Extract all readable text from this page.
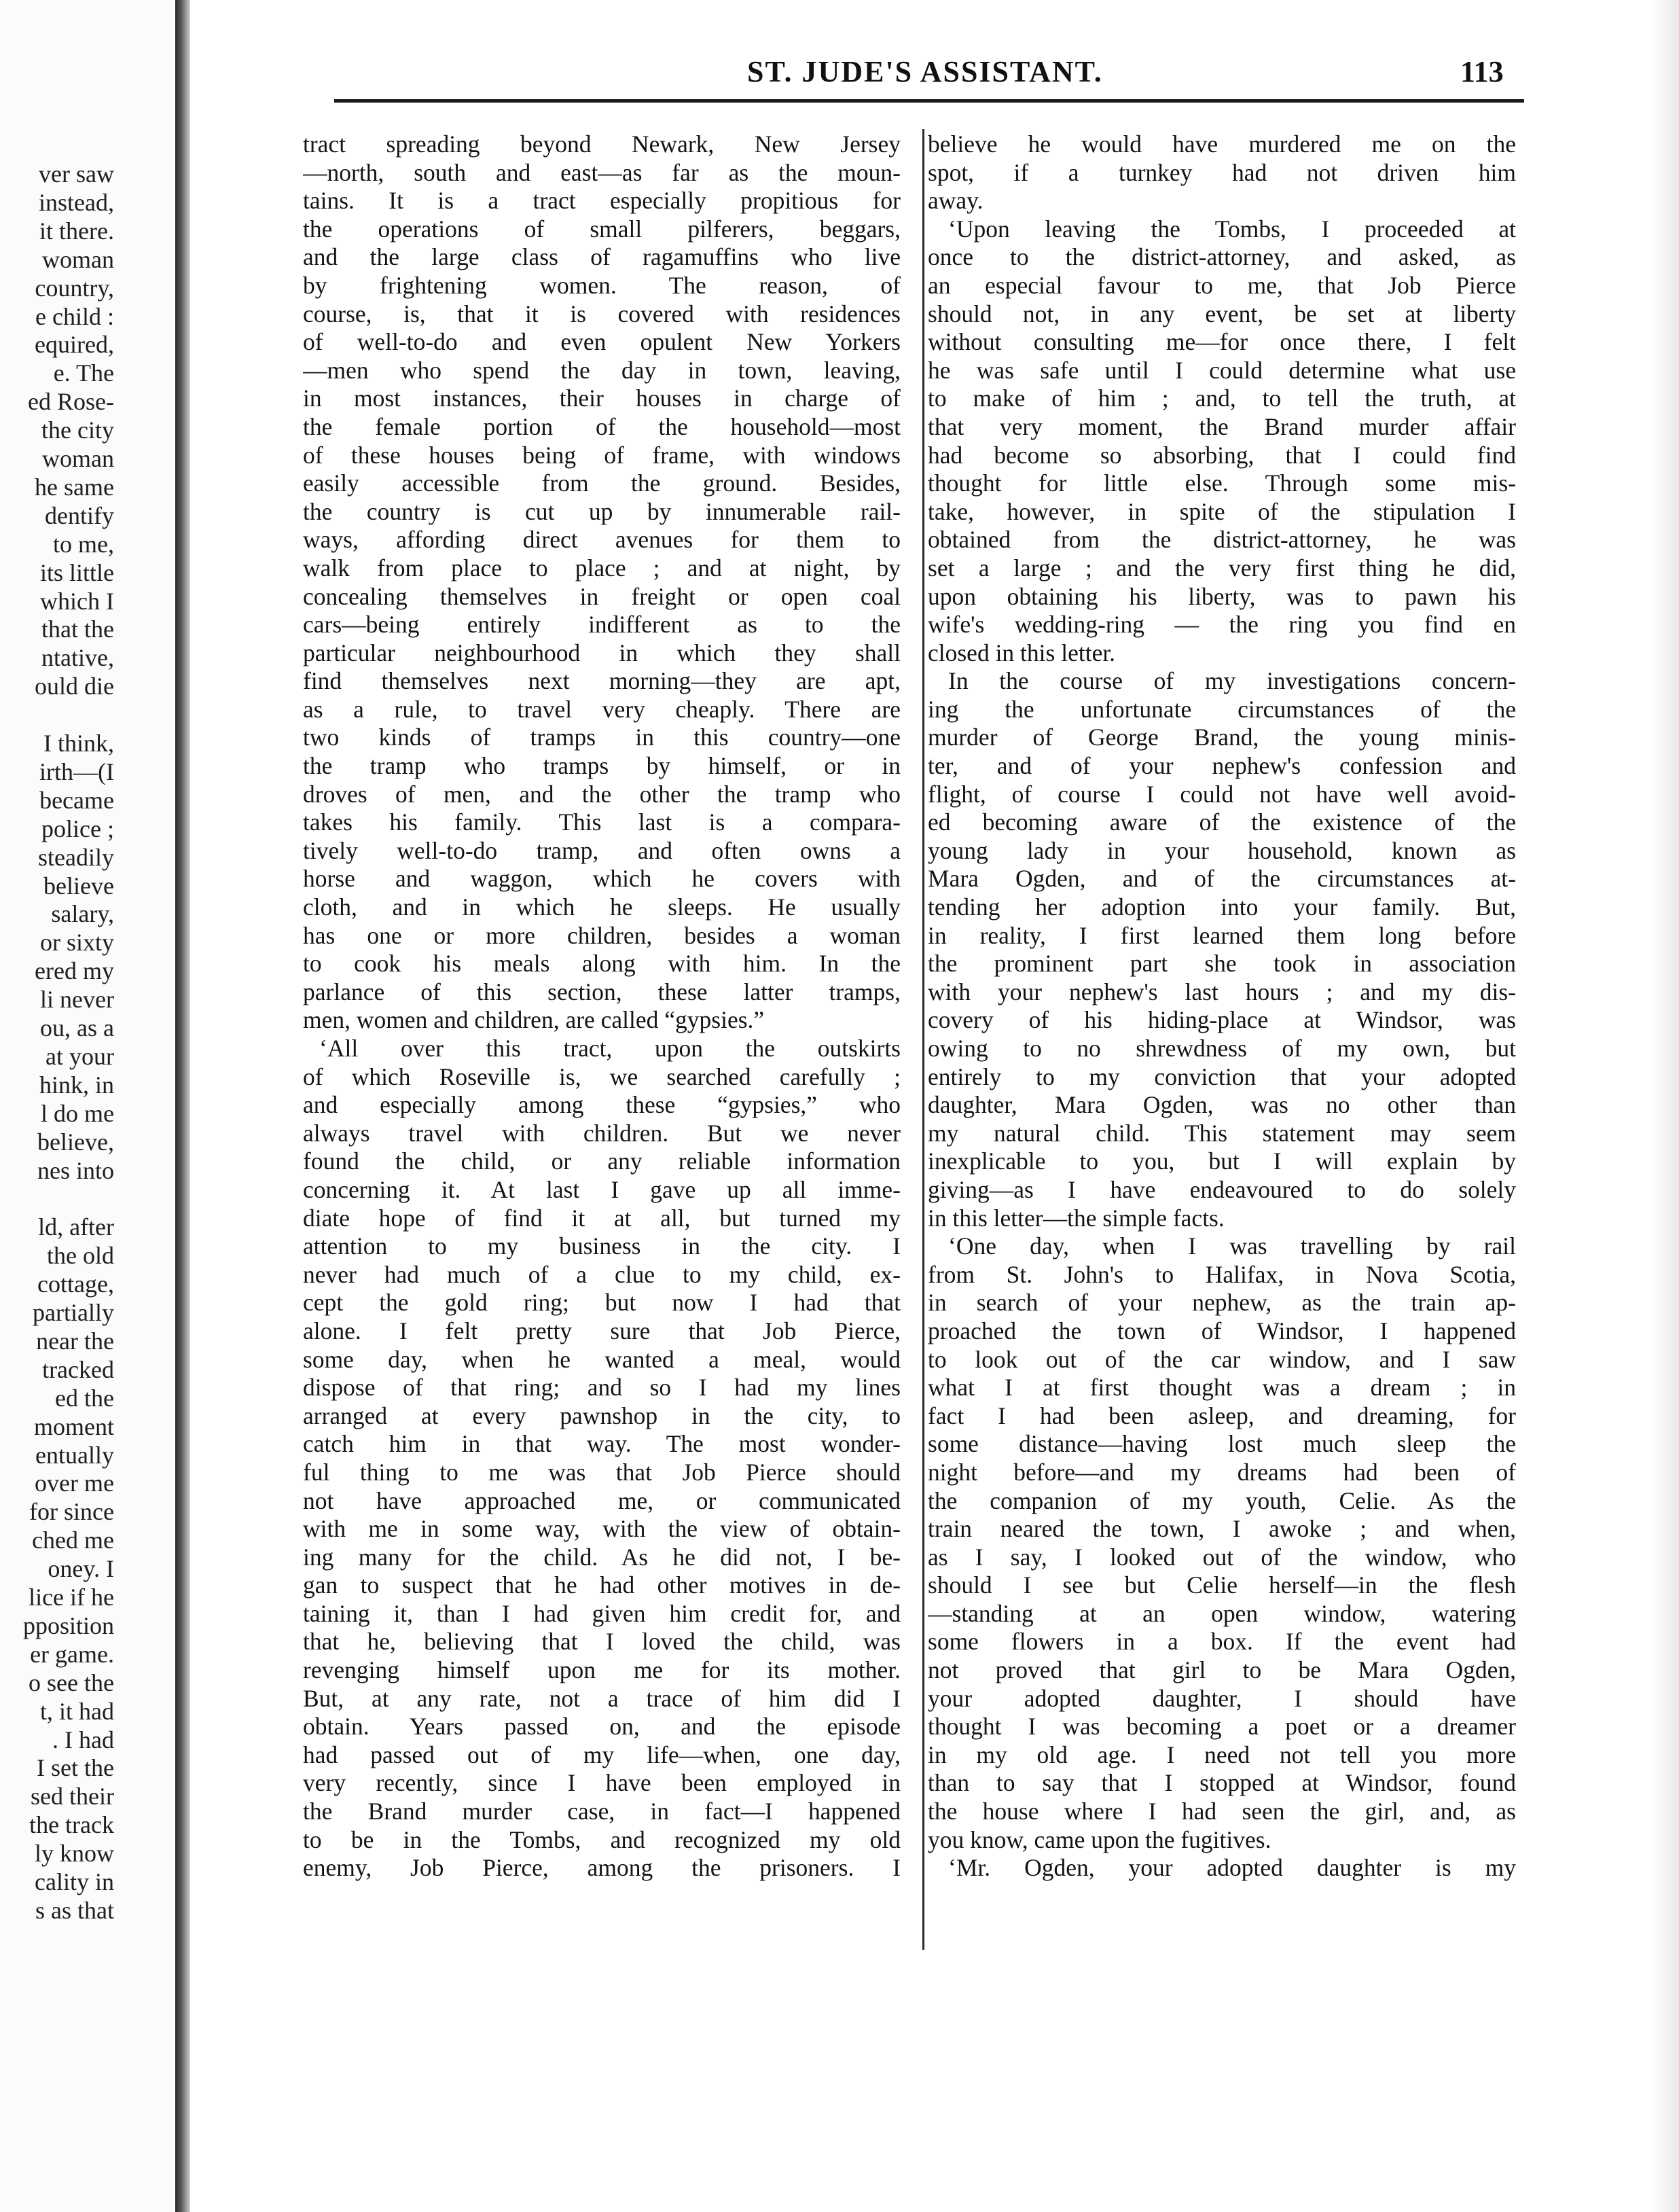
ver saw
instead,
it there.
woman
country,
e child :
equired,
e. The
ed Rose-
the city
woman
he same
dentify
to me,
its little
which I
that the
ntative,
ould die
I think,
irth—(I
became
police ;
steadily
believe
salary,
or sixty
ered my
li never
ou, as a
at your
hink, in
l do me
believe,
nes into
ld, after
the old
cottage,
partially
near the
tracked
ed the
moment
entually
over me
for since
ched me
oney. I
lice if he
pposition
er game.
o see the
t, it had
. I had
I set the
sed their
the track
ly know
cality in
s as that
ST. JUDE'S ASSISTANT.	113
tract spreading beyond Newark, New Jersey
—north, south and east—as far as the moun-
tains. It is a tract especially propitious for
the operations of small pilferers, beggars,
and the large class of ragamuffins who live
by frightening women. The reason, of
course, is, that it is covered with residences
of well-to-do and even opulent New Yorkers
—men who spend the day in town, leaving,
in most instances, their houses in charge of
the female portion of the household—most
of these houses being of frame, with windows
easily accessible from the ground. Besides,
the country is cut up by innumerable rail-
ways, affording direct avenues for them to
walk from place to place ; and at night, by
concealing themselves in freight or open coal
cars—being entirely indifferent as to the
particular neighbourhood in which they shall
find themselves next morning—they are apt,
as a rule, to travel very cheaply. There are
two kinds of tramps in this country—one
the tramp who tramps by himself, or in
droves of men, and the other the tramp who
takes his family. This last is a compara-
tively well-to-do tramp, and often owns a
horse and waggon, which he covers with
cloth, and in which he sleeps. He usually
has one or more children, besides a woman
to cook his meals along with him. In the
parlance of this section, these latter tramps,
men, women and children, are called “gypsies.”
‘All over this tract, upon the outskirts
of which Roseville is, we searched carefully ;
and especially among these “gypsies,” who
always travel with children. But we never
found the child, or any reliable information
concerning it. At last I gave up all imme-
diate hope of find it at all, but turned my
attention to my business in the city. I
never had much of a clue to my child, ex-
cept the gold ring; but now I had that
alone. I felt pretty sure that Job Pierce,
some day, when he wanted a meal, would
dispose of that ring; and so I had my lines
arranged at every pawnshop in the city, to
catch him in that way. The most wonder-
ful thing to me was that Job Pierce should
not have approached me, or communicated
with me in some way, with the view of obtain-
ing many for the child. As he did not, I be-
gan to suspect that he had other motives in de-
taining it, than I had given him credit for, and
that he, believing that I loved the child, was
revenging himself upon me for its mother.
But, at any rate, not a trace of him did I
obtain. Years passed on, and the episode
had passed out of my life—when, one day,
very recently, since I have been employed in
the Brand murder case, in fact—I happened
to be in the Tombs, and recognized my old
enemy, Job Pierce, among the prisoners. I
believe he would have murdered me on the
spot, if a turnkey had not driven him
away.
‘Upon leaving the Tombs, I proceeded at
once to the district-attorney, and asked, as
an especial favour to me, that Job Pierce
should not, in any event, be set at liberty
without consulting me—for once there, I felt
he was safe until I could determine what use
to make of him ; and, to tell the truth, at
that very moment, the Brand murder affair
had become so absorbing, that I could find
thought for little else. Through some mis-
take, however, in spite of the stipulation I
obtained from the district-attorney, he was
set a large ; and the very first thing he did,
upon obtaining his liberty, was to pawn his
wife's wedding-ring — the ring you find en
closed in this letter.
In the course of my investigations concern-
ing the unfortunate circumstances of the
murder of George Brand, the young minis-
ter, and of your nephew's confession and
flight, of course I could not have well avoid-
ed becoming aware of the existence of the
young lady in your household, known as
Mara Ogden, and of the circumstances at-
tending her adoption into your family. But,
in reality, I first learned them long before
the prominent part she took in association
with your nephew's last hours ; and my dis-
covery of his hiding-place at Windsor, was
owing to no shrewdness of my own, but
entirely to my conviction that your adopted
daughter, Mara Ogden, was no other than
my natural child. This statement may seem
inexplicable to you, but I will explain by
giving—as I have endeavoured to do solely
in this letter—the simple facts.
‘One day, when I was travelling by rail
from St. John's to Halifax, in Nova Scotia,
in search of your nephew, as the train ap-
proached the town of Windsor, I happened
to look out of the car window, and I saw
what I at first thought was a dream ; in
fact I had been asleep, and dreaming, for
some distance—having lost much sleep the
night before—and my dreams had been of
the companion of my youth, Celie. As the
train neared the town, I awoke ; and when,
as I say, I looked out of the window, who
should I see but Celie herself—in the flesh
—standing at an open window, watering
some flowers in a box. If the event had
not proved that girl to be Mara Ogden,
your adopted daughter, I should have
thought I was becoming a poet or a dreamer
in my old age. I need not tell you more
than to say that I stopped at Windsor, found
the house where I had seen the girl, and, as
you know, came upon the fugitives.
‘Mr. Ogden, your adopted daughter is my
